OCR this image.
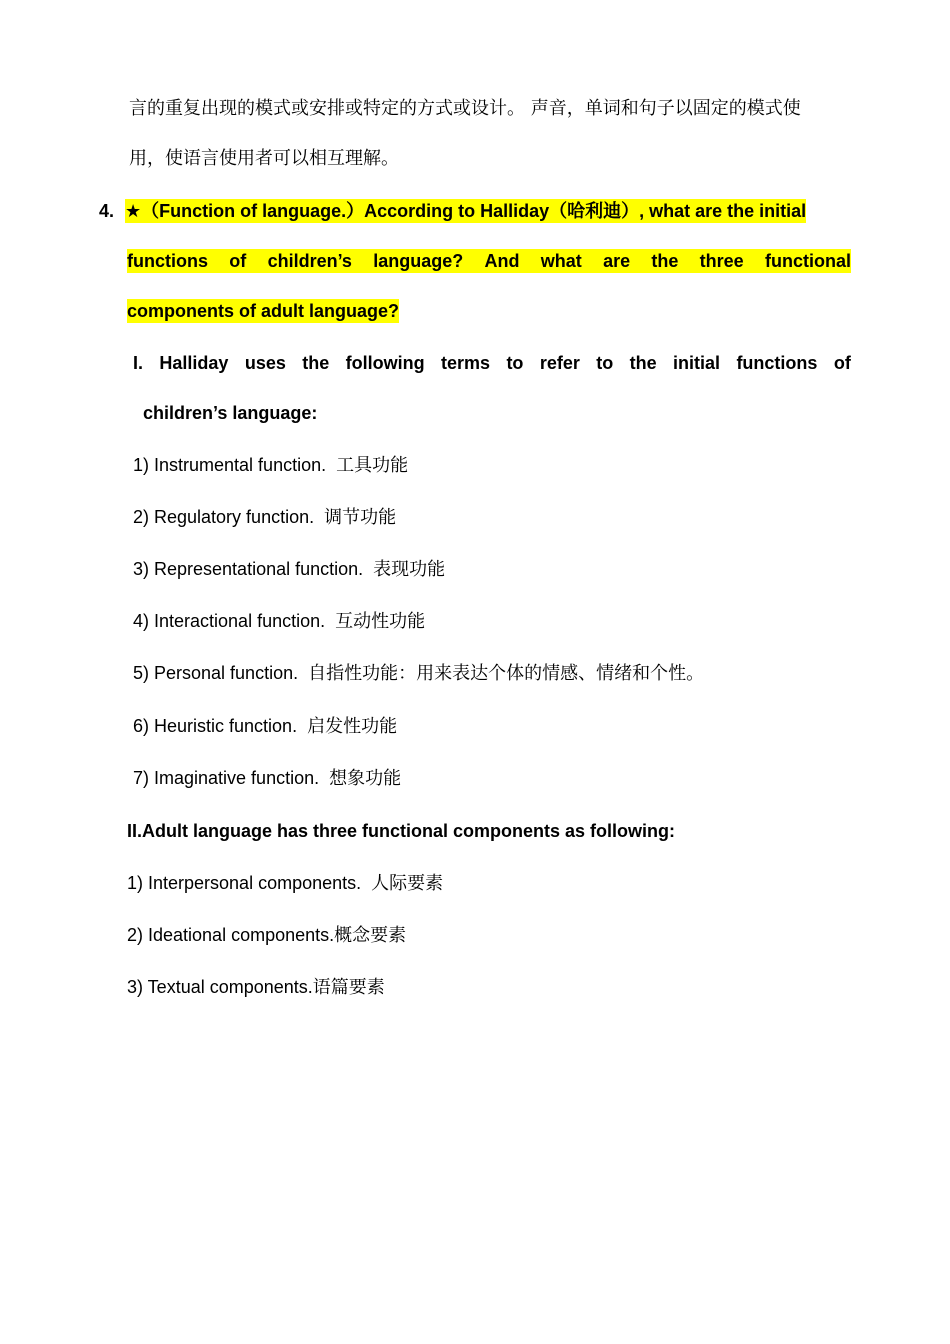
言的重复出现的模式或安排或特定的方式或设计。 声音，单词和句子以固定的模式使
用，使语言使用者可以相互理解。
4. ★（Function of language.）According to Halliday（哈利迪）, what are the initial
functions of children’s language? And what are the three functional
components of adult language?
I. Halliday uses the following terms to refer to the initial functions of
children’s language:
1) Instrumental function. 工具功能
2) Regulatory function. 调节功能
3) Representational function. 表现功能
4) Interactional function. 互动性功能
5) Personal function. 自指性功能：用来表达个体的情感、情绪和个性。
6) Heuristic function. 启发性功能
7) Imaginative function. 想象功能
II.Adult language has three functional components as following:
1) Interpersonal components. 人际要素
2) Ideational components.概念要素
3) Textual components.语篇要素
